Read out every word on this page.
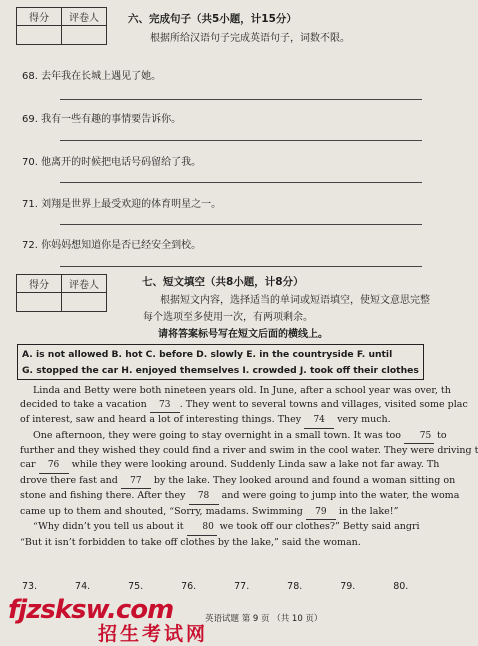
得分	评卷人
		六、完成句子（共5小题，计15分）
根据所给汉语句子完成英语句子，词数不限。
68. 去年我在长城上遇见了她。
69. 我有一些有趣的事情要告诉你。
70. 他离开的时候把电话号码留给了我。
71. 刘翔是世界上最受欢迎的体育明星之一。
72. 你妈妈想知道你是否已经安全到校。
得分	评卷人
		七、短文填空（共8小题，计8分）
根据短文内容，选择适当的单词或短语填空，使短文意思完整
每个选项至多使用一次，有两项剩余。
请将答案标号写在短文后面的横线上。
A. is not allowed B. hot C. before D. slowly E. in the countryside F. until
G. stopped the car H. enjoyed themselves I. crowded J. took off their clothes

Linda and Betty were both nineteen years old. In June, after a school year was over, th

decided to take a vacation 73 . They went to several towns and villages, visited some plac

of interest, saw and heard a lot of interesting things. They 74 very much.

One afternoon, they were going to stay overnight in a small town. It was too 75 to

further and they wished they could find a river and swim in the cool water. They were driving t

car 76 while they were looking around. Suddenly Linda saw a lake not far away. Th

drove there fast and 77 by the lake. They looked around and found a woman sitting on

stone and fishing there. After they 78 and were going to jump into the water, the woma

came up to them and shouted, “Sorry, madams. Swimming 79 in the lake!”

“Why didn’t you tell us about it 80 we took off our clothes?” Betty said angri

“But it isn’t forbidden to take off clothes by the lake,” said the woman.

73.	74.	75.	76.	77.	78.	79.	80.
英语试题 第 9 页 （共 10 页）
fjzsksw.com
招生考试网
